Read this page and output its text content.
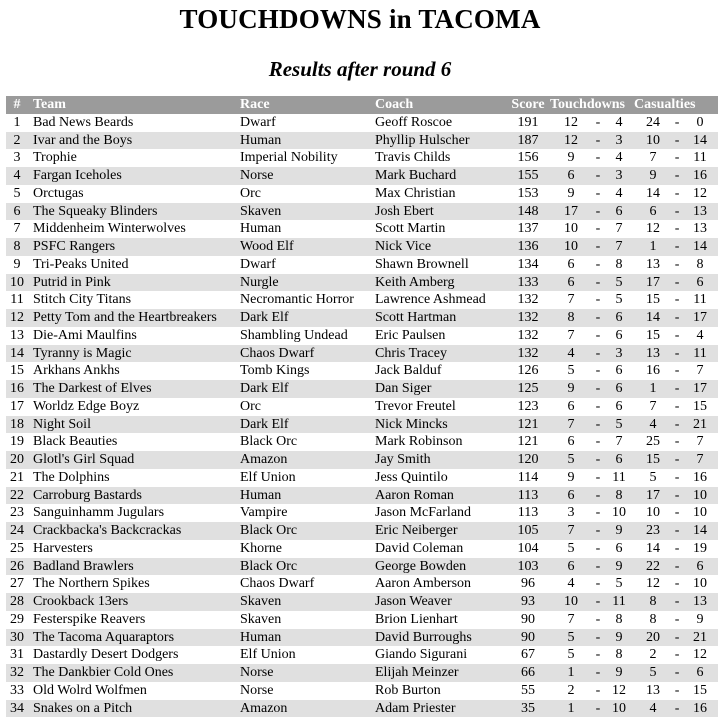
TOUCHDOWNS in TACOMA
Results after round 6
#	Team	Race	Coach	Score	Touchdowns			Casualties		
1	Bad News Beards	Dwarf	Geoff Roscoe	191	12	-	4	24	-	0
2	Ivar and the Boys	Human	Phyllip Hulscher	187	12	-	3	10	-	14
3	Trophie	Imperial Nobility	Travis Childs	156	9	-	4	7	-	11
4	Fargan Iceholes	Norse	Mark Buchard	155	6	-	3	9	-	16
5	Orctugas	Orc	Max Christian	153	9	-	4	14	-	12
6	The Squeaky Blinders	Skaven	Josh Ebert	148	17	-	6	6	-	13
7	Middenheim Winterwolves	Human	Scott Martin	137	10	-	7	12	-	13
8	PSFC Rangers	Wood Elf	Nick Vice	136	10	-	7	1	-	14
9	Tri-Peaks United	Dwarf	Shawn Brownell	134	6	-	8	13	-	8
10	Putrid in Pink	Nurgle	Keith Amberg	133	6	-	5	17	-	6
11	Stitch City Titans	Necromantic Horror	Lawrence Ashmead	132	7	-	5	15	-	11
12	Petty Tom and the Heartbreakers	Dark Elf	Scott Hartman	132	8	-	6	14	-	17
13	Die-Ami Maulfins	Shambling Undead	Eric Paulsen	132	7	-	6	15	-	4
14	Tyranny is Magic	Chaos Dwarf	Chris Tracey	132	4	-	3	13	-	11
15	Arkhans Ankhs	Tomb Kings	Jack Balduf	126	5	-	6	16	-	7
16	The Darkest of Elves	Dark Elf	Dan Siger	125	9	-	6	1	-	17
17	Worldz Edge Boyz	Orc	Trevor Freutel	123	6	-	6	7	-	15
18	Night Soil	Dark Elf	Nick Mincks	121	7	-	5	4	-	21
19	Black Beauties	Black Orc	Mark Robinson	121	6	-	7	25	-	7
20	Glotl's Girl Squad	Amazon	Jay Smith	120	5	-	6	15	-	7
21	The Dolphins	Elf Union	Jess Quintilo	114	9	-	11	5	-	16
22	Carroburg Bastards	Human	Aaron Roman	113	6	-	8	17	-	10
23	Sanguinhamm Jugulars	Vampire	Jason McFarland	113	3	-	10	10	-	10
24	Crackbacka's Backcrackas	Black Orc	Eric Neiberger	105	7	-	9	23	-	14
25	Harvesters	Khorne	David Coleman	104	5	-	6	14	-	19
26	Badland Brawlers	Black Orc	George Bowden	103	6	-	9	22	-	6
27	The Northern Spikes	Chaos Dwarf	Aaron Amberson	96	4	-	5	12	-	10
28	Crookback 13ers	Skaven	Jason Weaver	93	10	-	11	8	-	13
29	Festerspike Reavers	Skaven	Brion Lienhart	90	7	-	8	8	-	9
30	The Tacoma Aquaraptors	Human	David Burroughs	90	5	-	9	20	-	21
31	Dastardly Desert Dodgers	Elf Union	Giando Sigurani	67	5	-	8	2	-	12
32	The Dankbier Cold Ones	Norse	Elijah Meinzer	66	1	-	9	5	-	6
33	Old Wolrd Wolfmen	Norse	Rob Burton	55	2	-	12	13	-	15
34	Snakes on a Pitch	Amazon	Adam Priester	35	1	-	10	4	-	16
